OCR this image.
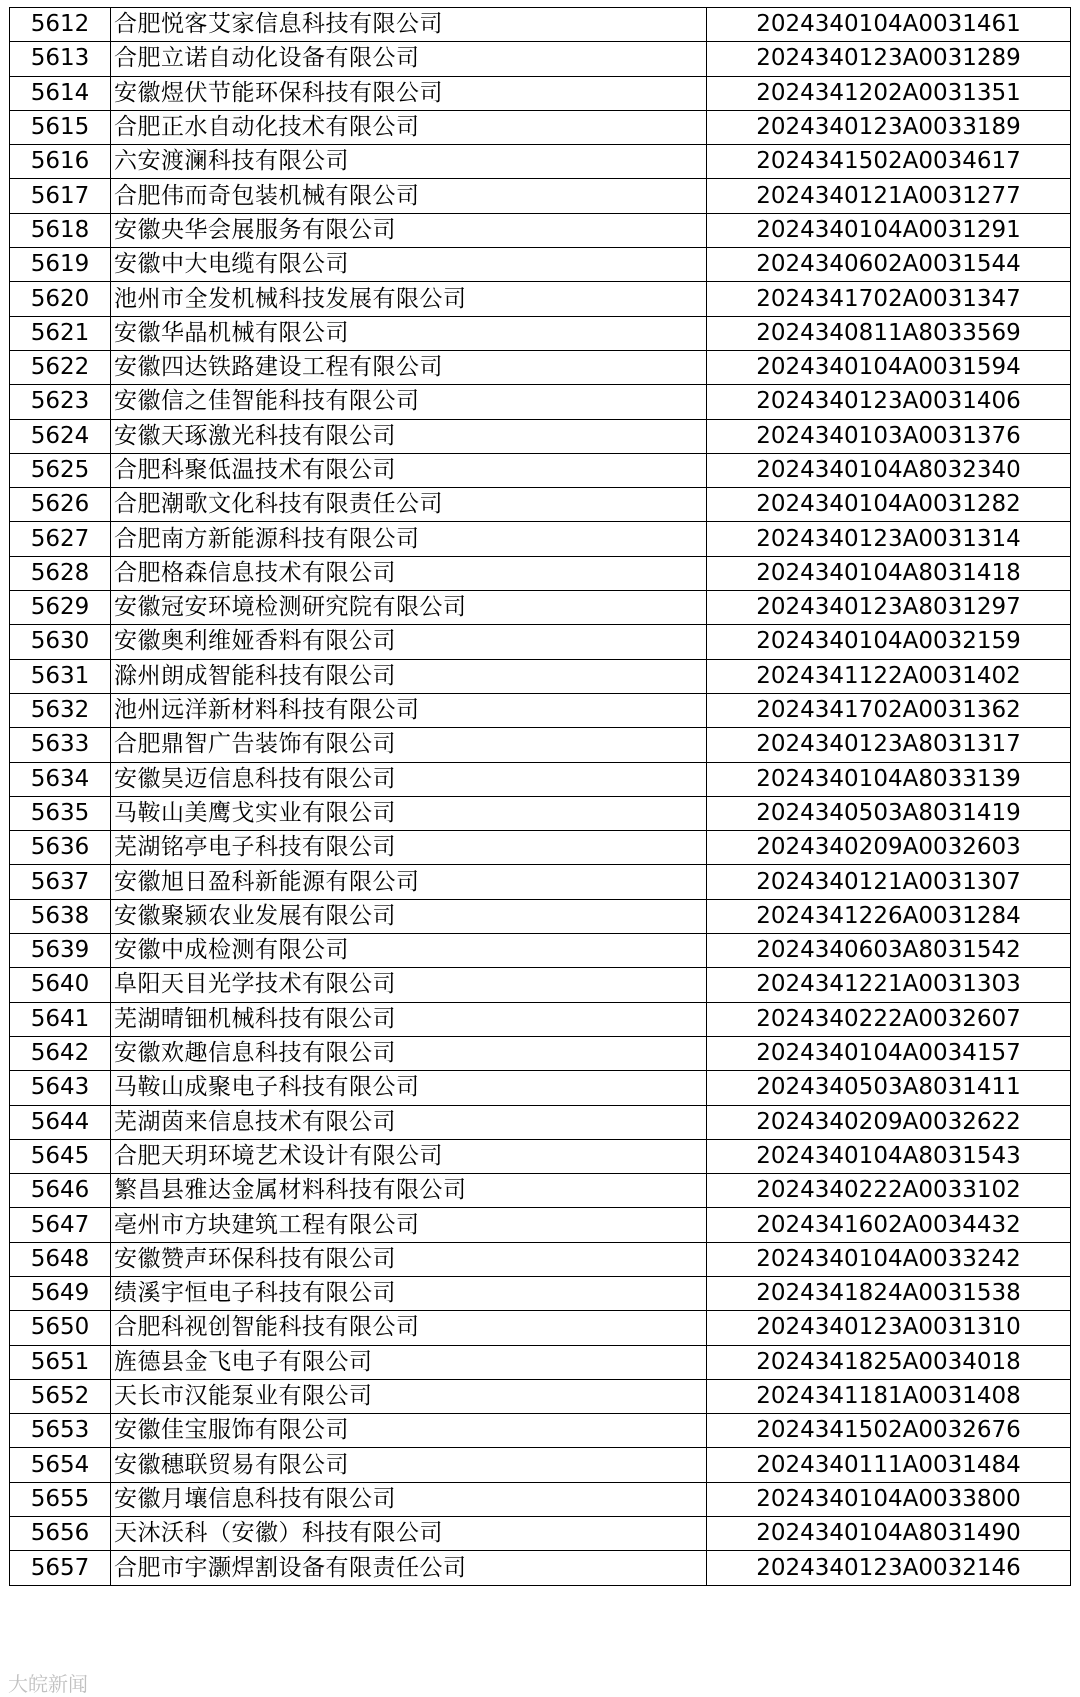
5612	合肥悦客艾家信息科技有限公司	2024340104A0031461
5613	合肥立诺自动化设备有限公司	2024340123A0031289
5614	安徽煜伏节能环保科技有限公司	2024341202A0031351
5615	合肥正水自动化技术有限公司	2024340123A0033189
5616	六安渡澜科技有限公司	2024341502A0034617
5617	合肥伟而奇包装机械有限公司	2024340121A0031277
5618	安徽央华会展服务有限公司	2024340104A0031291
5619	安徽中大电缆有限公司	2024340602A0031544
5620	池州市全发机械科技发展有限公司	2024341702A0031347
5621	安徽华晶机械有限公司	2024340811A8033569
5622	安徽四达铁路建设工程有限公司	2024340104A0031594
5623	安徽信之佳智能科技有限公司	2024340123A0031406
5624	安徽天琢激光科技有限公司	2024340103A0031376
5625	合肥科聚低温技术有限公司	2024340104A8032340
5626	合肥潮歌文化科技有限责任公司	2024340104A0031282
5627	合肥南方新能源科技有限公司	2024340123A0031314
5628	合肥格森信息技术有限公司	2024340104A8031418
5629	安徽冠安环境检测研究院有限公司	2024340123A8031297
5630	安徽奥利维娅香料有限公司	2024340104A0032159
5631	滁州朗成智能科技有限公司	2024341122A0031402
5632	池州远洋新材料科技有限公司	2024341702A0031362
5633	合肥鼎智广告装饰有限公司	2024340123A8031317
5634	安徽昊迈信息科技有限公司	2024340104A8033139
5635	马鞍山美鹰戈实业有限公司	2024340503A8031419
5636	芜湖铭亭电子科技有限公司	2024340209A0032603
5637	安徽旭日盈科新能源有限公司	2024340121A0031307
5638	安徽聚颍农业发展有限公司	2024341226A0031284
5639	安徽中成检测有限公司	2024340603A8031542
5640	阜阳天目光学技术有限公司	2024341221A0031303
5641	芜湖晴钿机械科技有限公司	2024340222A0032607
5642	安徽欢趣信息科技有限公司	2024340104A0034157
5643	马鞍山成聚电子科技有限公司	2024340503A8031411
5644	芜湖茵来信息技术有限公司	2024340209A0032622
5645	合肥天玥环境艺术设计有限公司	2024340104A8031543
5646	繁昌县雅达金属材料科技有限公司	2024340222A0033102
5647	亳州市方块建筑工程有限公司	2024341602A0034432
5648	安徽赞声环保科技有限公司	2024340104A0033242
5649	绩溪宇恒电子科技有限公司	2024341824A0031538
5650	合肥科视创智能科技有限公司	2024340123A0031310
5651	旌德县金飞电子有限公司	2024341825A0034018
5652	天长市汉能泵业有限公司	2024341181A0031408
5653	安徽佳宝服饰有限公司	2024341502A0032676
5654	安徽穗联贸易有限公司	2024340111A0031484
5655	安徽月壤信息科技有限公司	2024340104A0033800
5656	天沐沃科（安徽）科技有限公司	2024340104A8031490
5657	合肥市宇灏焊割设备有限责任公司	2024340123A0032146
大皖新闻
